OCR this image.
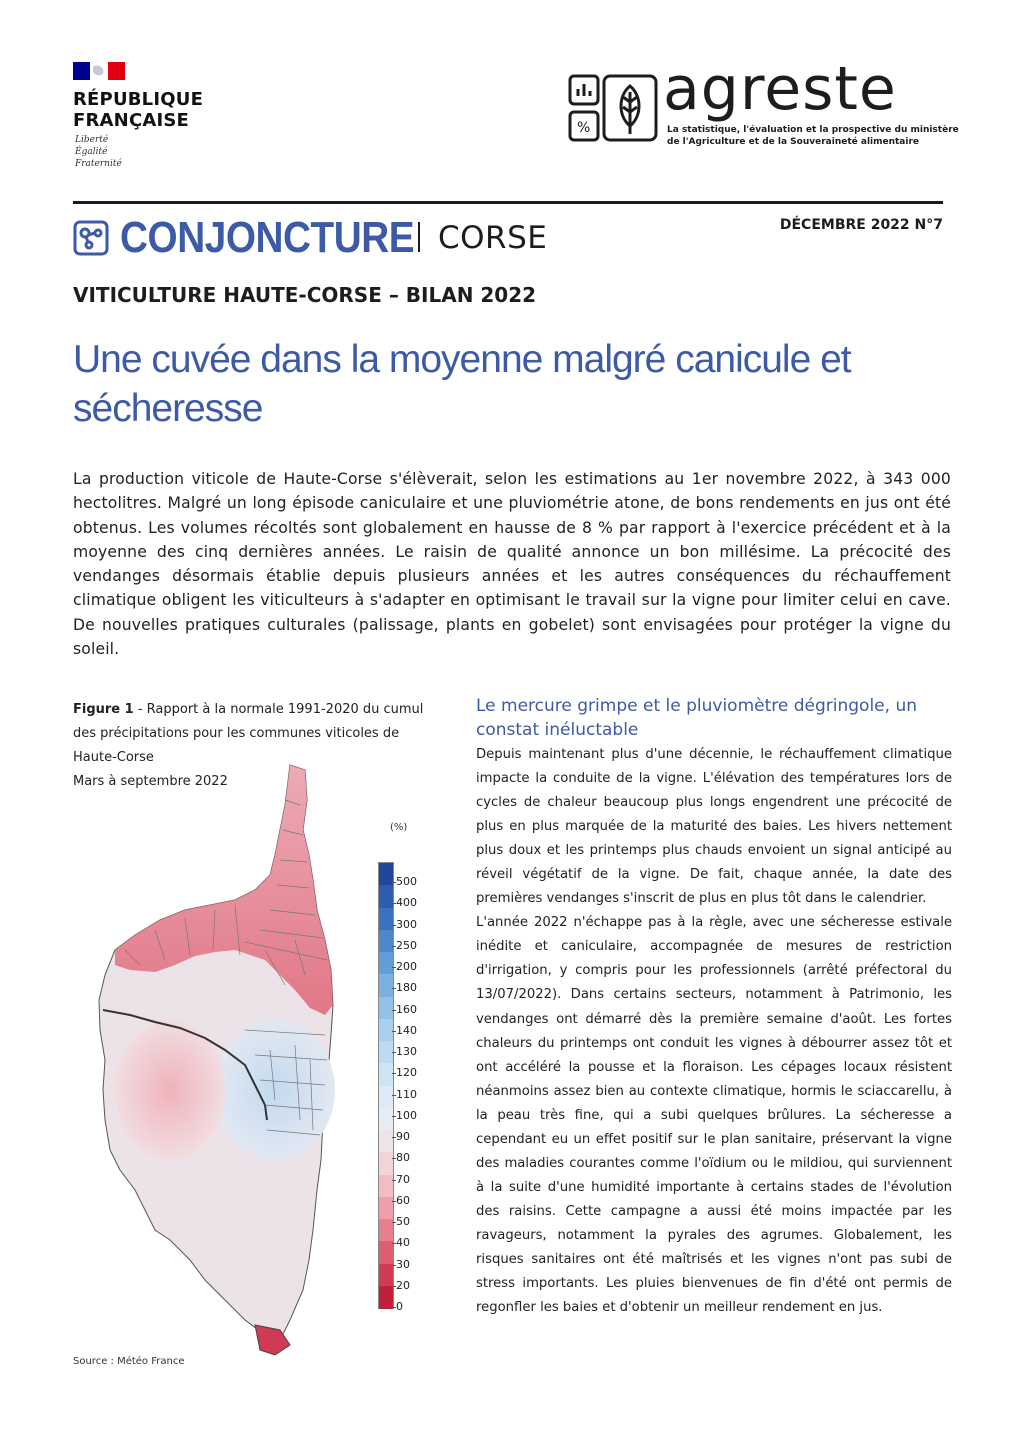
RÉPUBLIQUE
FRANÇAISE
Liberté
Égalité
Fraternité
%
agreste
La statistique, l'évaluation et la prospective du ministère de l'Agriculture et de la Souveraineté alimentaire
CONJONCTURE CORSE	DÉCEMBRE 2022 N°7
VITICULTURE HAUTE-CORSE – BILAN 2022
Une cuvée dans la moyenne malgré canicule et sécheresse
La production viticole de Haute-Corse s'élèverait, selon les estimations au 1er novembre 2022, à 343 000 hectolitres. Malgré un long épisode caniculaire et une pluviométrie atone, de bons rendements en jus ont été obtenus. Les volumes récoltés sont globalement en hausse de 8 % par rapport à l'exercice précédent et à la moyenne des cinq dernières années. Le raisin de qualité annonce un bon millésime. La précocité des vendanges désormais établie depuis plusieurs années et les autres conséquences du réchauffement climatique obligent les viticulteurs à s'adapter en optimisant le travail sur la vigne pour limiter celui en cave. De nouvelles pratiques culturales (palissage, plants en gobelet) sont envisagées pour protéger la vigne du soleil.
Figure 1 - Rapport à la normale 1991-2020 du cumul des précipitations pour les communes viticoles de Haute-Corse
Mars à septembre 2022
(%)
500
400
300
250
200
180
160
140
130
120
110
100
90
80
70
60
50
40
30
20
0
Source : Météo France
Le mercure grimpe et le pluviomètre dégringole, un constat inéluctable

Depuis maintenant plus d'une décennie, le réchauffement climatique impacte la conduite de la vigne. L'élévation des températures lors de cycles de chaleur beaucoup plus longs engendrent une précocité de plus en plus marquée de la maturité des baies. Les hivers nettement plus doux et les printemps plus chauds envoient un signal anticipé au réveil végétatif de la vigne. De fait, chaque année, la date des premières vendanges s'inscrit de plus en plus tôt dans le calendrier.

L'année 2022 n'échappe pas à la règle, avec une sécheresse estivale inédite et caniculaire, accompagnée de mesures de restriction d'irrigation, y compris pour les professionnels (arrêté préfectoral du 13/07/2022). Dans certains secteurs, notamment à Patrimonio, les vendanges ont démarré dès la première semaine d'août. Les fortes chaleurs du printemps ont conduit les vignes à débourrer assez tôt et ont accéléré la pousse et la floraison. Les cépages locaux résistent néanmoins assez bien au contexte climatique, hormis le sciaccarellu, à la peau très fine, qui a subi quelques brûlures. La sécheresse a cependant eu un effet positif sur le plan sanitaire, préservant la vigne des maladies courantes comme l'oïdium ou le mildiou, qui surviennent à la suite d'une humidité importante à certains stades de l'évolution des raisins. Cette campagne a aussi été moins impactée par les ravageurs, notamment la pyrales des agrumes. Globalement, les risques sanitaires ont été maîtrisés et les vignes n'ont pas subi de stress importants. Les pluies bienvenues de fin d'été ont permis de regonfler les baies et d'obtenir un meilleur rendement en jus.
